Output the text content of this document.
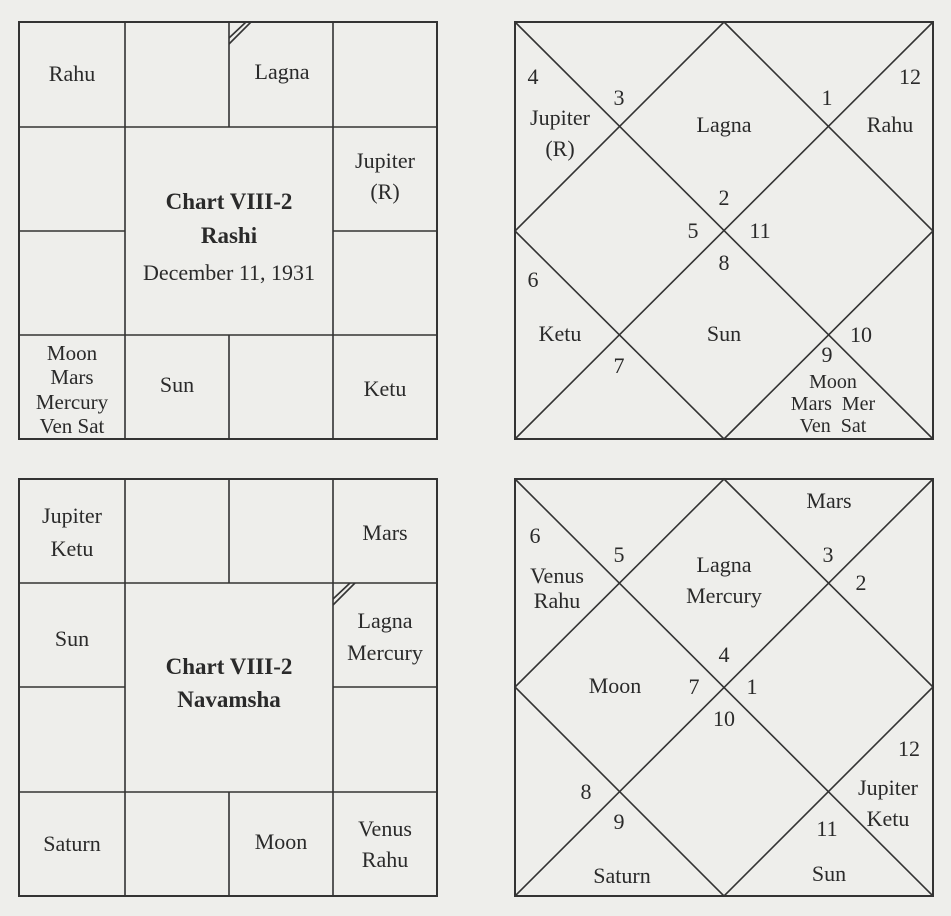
Rahu	Lagna
Jupiter
(R)
Chart VIII-2
Rashi
December 11, 1931
Moon
Mars
Mercury
Ven Sat
Sun	Ketu
4
3	1
12
2
5 11
8
6
7	9
10
Jupiter
(R)
Lagna	Rahu
Ketu	Sun
Moon
Mars  Mer
Ven  Sat
Jupiter
Ketu
Mars
Sun
Lagna
Mercury
Chart VIII-2
Navamsha
Saturn	Moon
Venus
Rahu
6
5	3
2
4
7 1
10
8
9	11
12
Mars
Venus
Rahu
Lagna
Mercury
Moon
Jupiter
Ketu
Saturn	Sun
